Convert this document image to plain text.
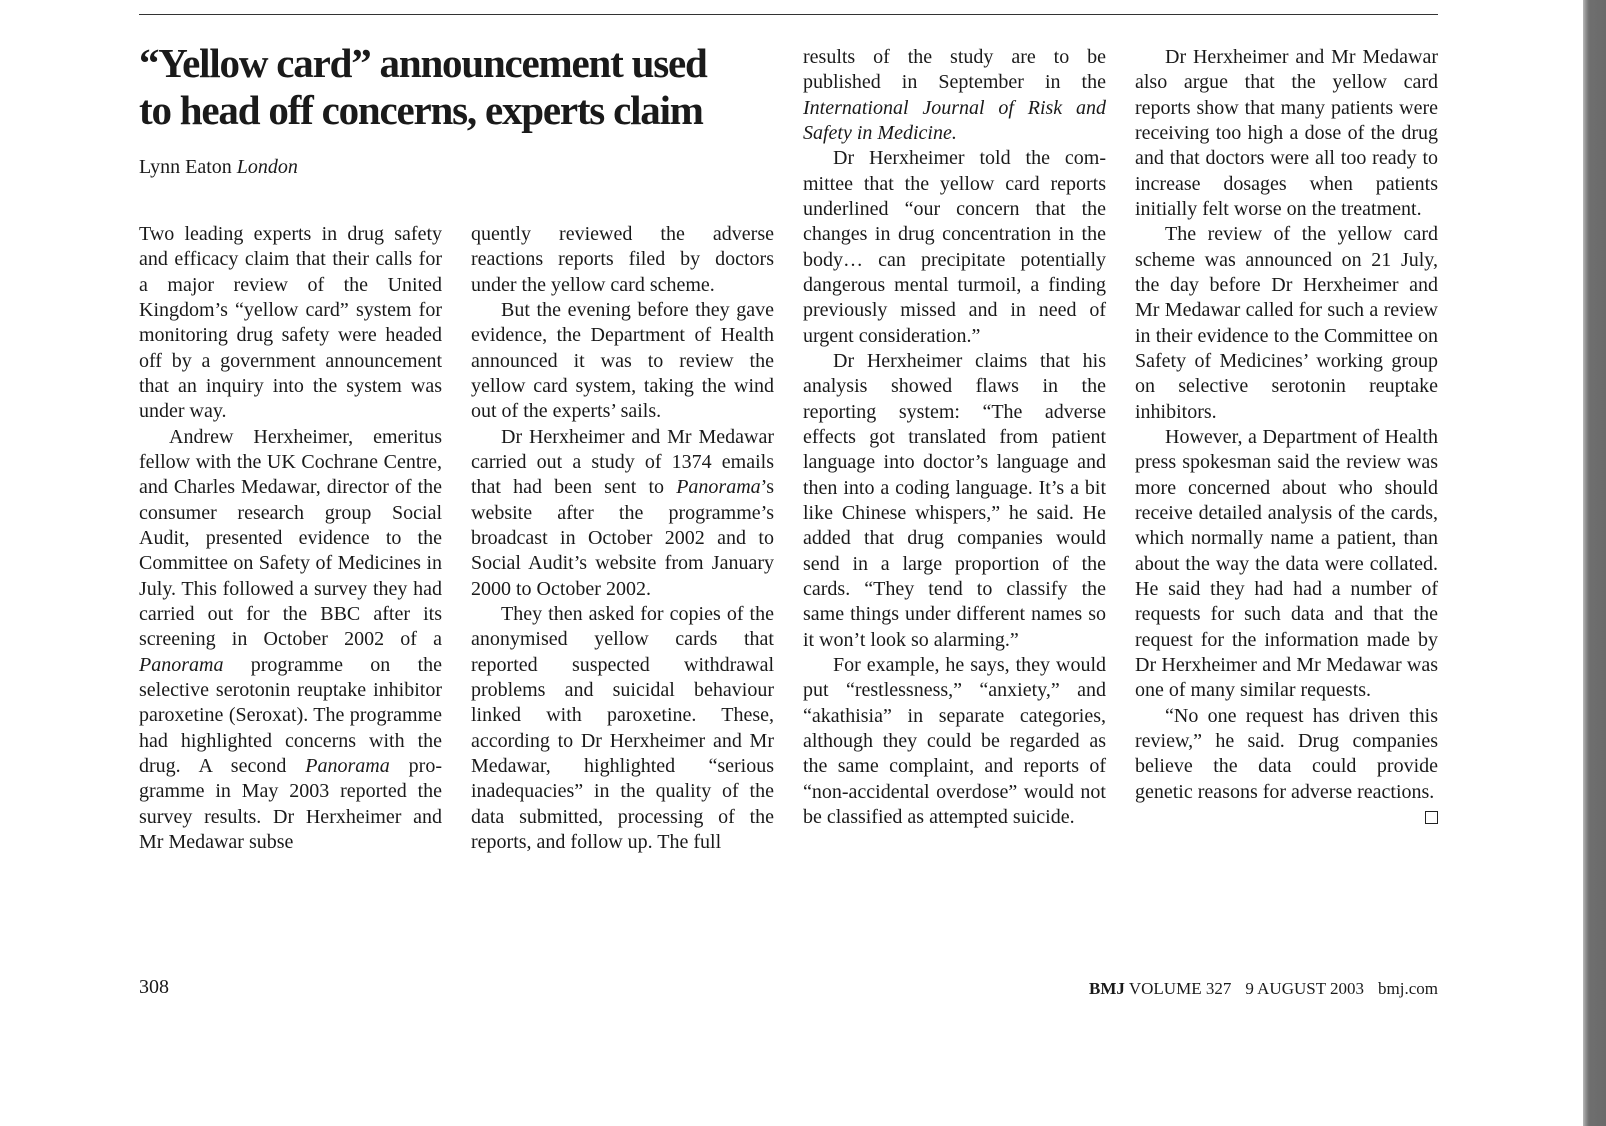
“Yellow card” announcement used
to head off concerns, experts claim

Lynn Eaton London

Two leading experts in drug safety and efficacy claim that their calls for a major review of the United Kingdom’s “yellow card” system for monitoring drug safety were headed off by a government announcement that an inquiry into the system was under way.

Andrew Herxheimer, emeritus fellow with the UK Cochrane Centre, and Charles Medawar, director of the consumer research group Social Audit, presented evidence to the Committee on Safety of Medicines in July. This followed a survey they had carried out for the BBC after its screening in October 2002 of a Panorama programme on the selective serotonin reuptake inhibitor paroxetine (Seroxat). The programme had highlighted concerns with the drug. A second Panorama programme in May 2003 reported the survey results. Dr Herxheimer and Mr Medawar subse

quently reviewed the adverse reactions reports filed by doctors under the yellow card scheme.

But the evening before they gave evidence, the Department of Health announced it was to review the yellow card system, taking the wind out of the experts’ sails.

Dr Herxheimer and Mr Medawar carried out a study of 1374 emails that had been sent to Panorama’s website after the programme’s broadcast in October 2002 and to Social Audit’s website from January 2000 to October 2002.

They then asked for copies of the anonymised yellow cards that reported suspected withdrawal problems and suicidal behaviour linked with paroxetine. These, according to Dr Herxheimer and Mr Medawar, highlighted “serious inadequacies” in the quality of the data submitted, processing of the reports, and follow up. The full

results of the study are to be published in September in the International Journal of Risk and Safety in Medicine.

Dr Herxheimer told the committee that the yellow card reports underlined “our concern that the changes in drug concentration in the body… can precipitate potentially dangerous mental turmoil, a finding previously missed and in need of urgent consideration.”

Dr Herxheimer claims that his analysis showed flaws in the reporting system: “The adverse effects got translated from patient language into doctor’s language and then into a coding language. It’s a bit like Chinese whispers,” he said. He added that drug companies would send in a large proportion of the cards. “They tend to classify the same things under different names so it won’t look so alarming.”

For example, he says, they would put “restlessness,” “anxiety,” and “akathisia” in separate categories, although they could be regarded as the same complaint, and reports of “non-accidental overdose” would not be classified as attempted suicide.

Dr Herxheimer and Mr Medawar also argue that the yellow card reports show that many patients were receiving too high a dose of the drug and that doctors were all too ready to increase dosages when patients initially felt worse on the treatment.

The review of the yellow card scheme was announced on 21 July, the day before Dr Herxheimer and Mr Medawar called for such a review in their evidence to the Committee on Safety of Medicines’ working group on selective serotonin reuptake inhibitors.

However, a Department of Health press spokesman said the review was more concerned about who should receive detailed analysis of the cards, which normally name a patient, than about the way the data were collated. He said they had had a number of requests for such data and that the request for the information made by Dr Herxheimer and Mr Medawar was one of many similar requests.

“No one request has driven this review,” he said. Drug companies believe the data could provide genetic reasons for adverse reactions.

308	BMJ VOLUME 327 9 AUGUST 2003 bmj.com
